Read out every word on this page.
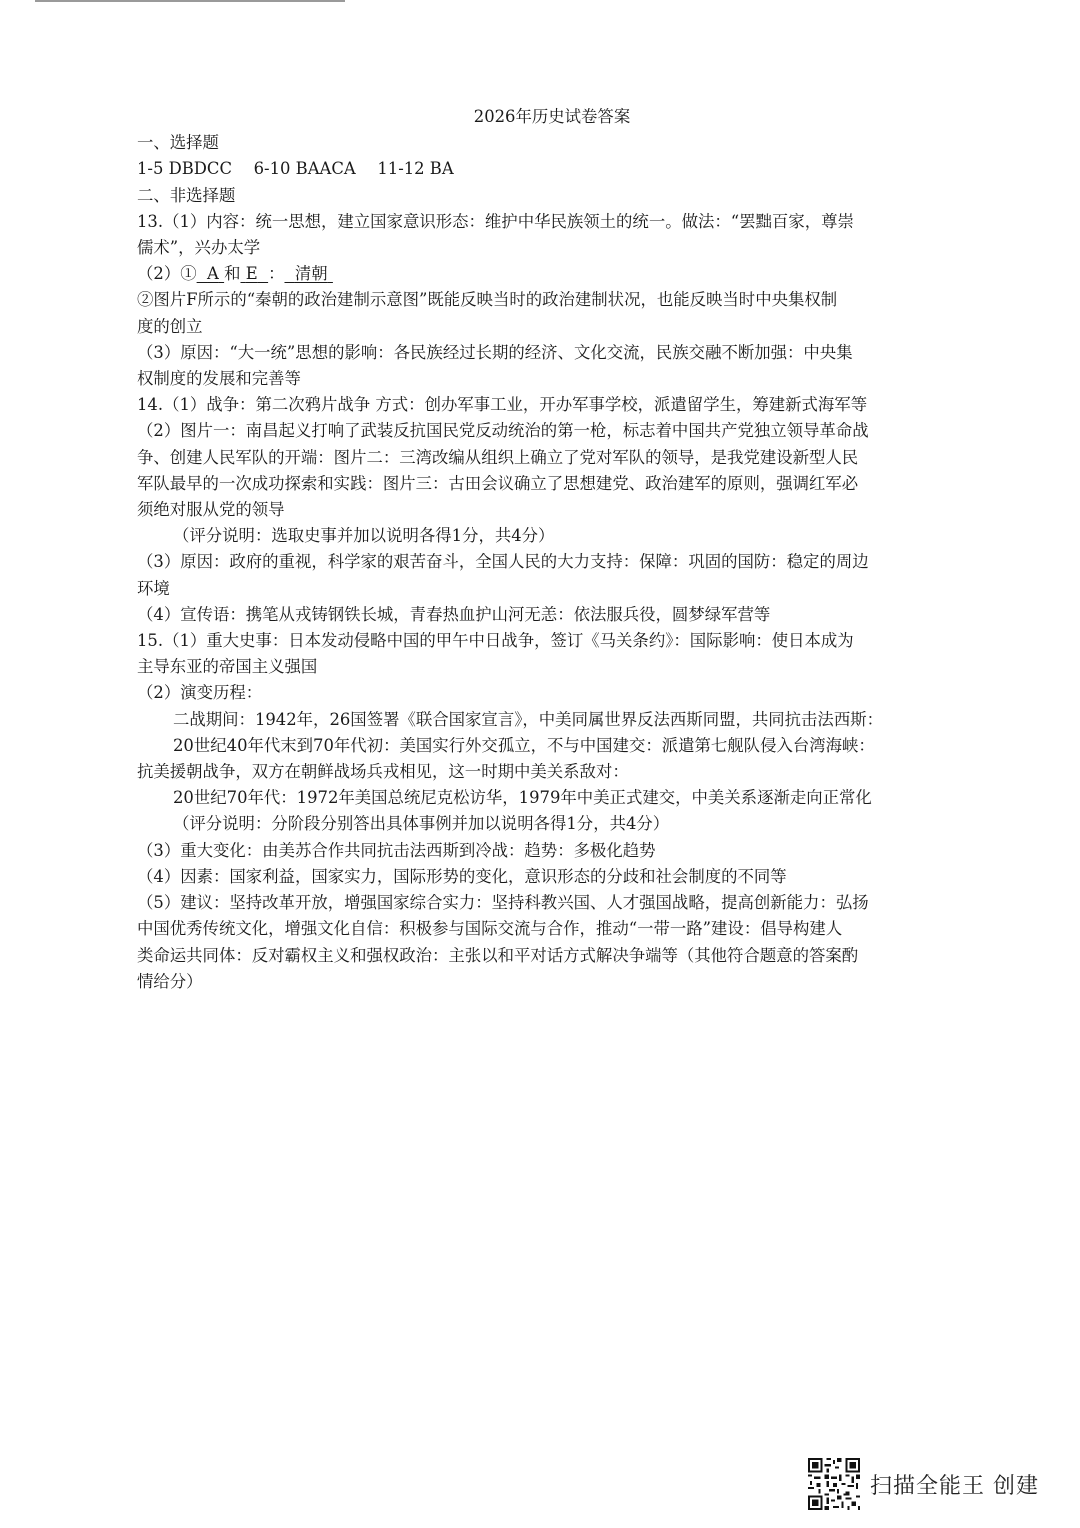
2026年历史试卷答案

一、选择题

1-5 DBDCC　 6-10 BAACA　 11-12 BA

二、非选择题

13.（1）内容：统一思想，建立国家意识形态：维护中华民族领土的统一。做法：“罢黜百家，尊崇

儒术”，兴办太学

（2）① A 和 E ： 清朝

②图片F所示的“秦朝的政治建制示意图”既能反映当时的政治建制状况，也能反映当时中央集权制

度的创立

（3）原因：“大一统”思想的影响：各民族经过长期的经济、文化交流，民族交融不断加强：中央集

权制度的发展和完善等

14.（1）战争：第二次鸦片战争 方式：创办军事工业，开办军事学校，派遣留学生，筹建新式海军等

（2）图片一：南昌起义打响了武装反抗国民党反动统治的第一枪，标志着中国共产党独立领导革命战

争、创建人民军队的开端：图片二：三湾改编从组织上确立了党对军队的领导，是我党建设新型人民

军队最早的一次成功探索和实践：图片三：古田会议确立了思想建党、政治建军的原则，强调红军必

须绝对服从党的领导

（评分说明：选取史事并加以说明各得1分，共4分）

（3）原因：政府的重视，科学家的艰苦奋斗，全国人民的大力支持：保障：巩固的国防：稳定的周边

环境

（4）宣传语：携笔从戎铸钢铁长城，青春热血护山河无恙：依法服兵役，圆梦绿军营等

15.（1）重大史事：日本发动侵略中国的甲午中日战争，签订《马关条约》：国际影响：使日本成为

主导东亚的帝国主义强国

（2）演变历程：

二战期间：1942年，26国签署《联合国家宣言》，中美同属世界反法西斯同盟，共同抗击法西斯：

20世纪40年代末到70年代初：美国实行外交孤立，不与中国建交：派遣第七舰队侵入台湾海峡：

抗美援朝战争，双方在朝鲜战场兵戎相见，这一时期中美关系敌对：

20世纪70年代：1972年美国总统尼克松访华，1979年中美正式建交，中美关系逐渐走向正常化

（评分说明：分阶段分别答出具体事例并加以说明各得1分，共4分）

（3）重大变化：由美苏合作共同抗击法西斯到冷战：趋势：多极化趋势

（4）因素：国家利益，国家实力，国际形势的变化，意识形态的分歧和社会制度的不同等

（5）建议：坚持改革开放，增强国家综合实力：坚持科教兴国、人才强国战略，提高创新能力：弘扬

中国优秀传统文化，增强文化自信：积极参与国际交流与合作，推动“一带一路”建设：倡导构建人

类命运共同体：反对霸权主义和强权政治：主张以和平对话方式解决争端等（其他符合题意的答案酌

情给分）

扫描全能王 创建
